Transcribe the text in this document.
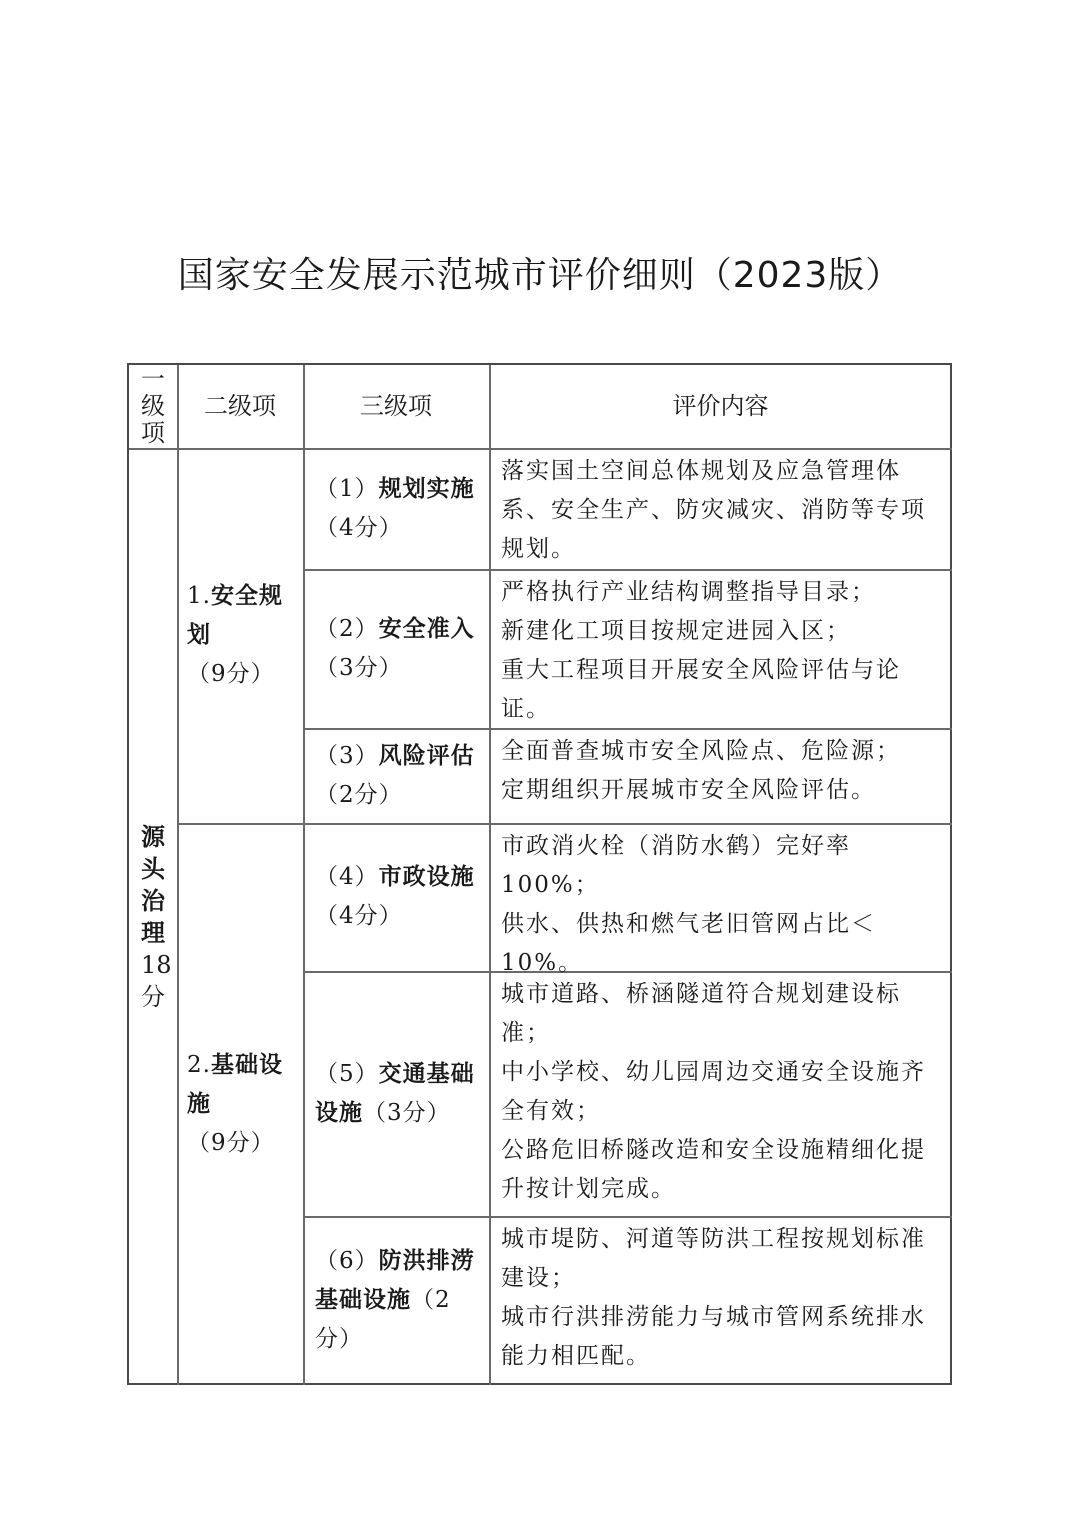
国家安全发展示范城市评价细则（2023版）
一级项
二级项	三级项	评价内容
源头治理18分
1.安全规划（9分）
2.基础设施（9分）
（1）规划实施（4分）
落实国土空间总体规划及应急管理体系、安全生产、防灾减灾、消防等专项规划。
（2）安全准入（3分）
严格执行产业结构调整指导目录；
新建化工项目按规定进园入区；
重大工程项目开展安全风险评估与论证。
（3）风险评估（2分）
全面普查城市安全风险点、危险源；
定期组织开展城市安全风险评估。
（4）市政设施（4分）
市政消火栓（消防水鹤）完好率100%；
供水、供热和燃气老旧管网占比＜10%。
（5）交通基础设施（3分）
城市道路、桥涵隧道符合规划建设标准；
中小学校、幼儿园周边交通安全设施齐全有效；
公路危旧桥隧改造和安全设施精细化提升按计划完成。
（6）防洪排涝基础设施（2分）
城市堤防、河道等防洪工程按规划标准建设；
城市行洪排涝能力与城市管网系统排水能力相匹配。
